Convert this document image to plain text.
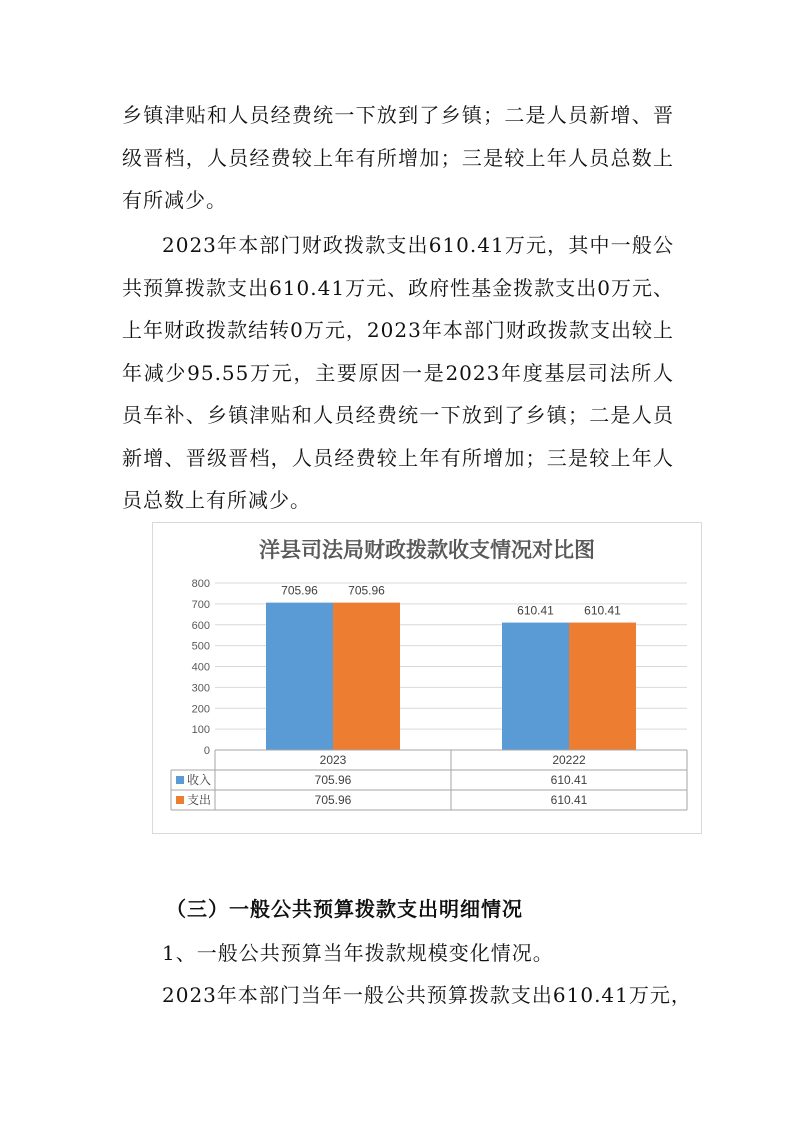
乡镇津贴和人员经费统一下放到了乡镇；二是人员新增、晋级晋档，人员经费较上年有所增加；三是较上年人员总数上有所减少。

2023年本部门财政拨款支出610.41万元，其中一般公共预算拨款支出610.41万元、政府性基金拨款支出0万元、上年财政拨款结转0万元，2023年本部门财政拨款支出较上年减少95.55万元，主要原因一是2023年度基层司法所人员车补、乡镇津贴和人员经费统一下放到了乡镇；二是人员新增、晋级晋档，人员经费较上年有所增加；三是较上年人员总数上有所减少。

洋县司法局财政拨款收支情况对比图
0
100
200
300
400
500
600
700
800	705.96	705.96
610.41	610.41
2023	20222
收入	705.96	610.41
支出	705.96	610.41

（三）一般公共预算拨款支出明细情况

1、一般公共预算当年拨款规模变化情况。

2023年本部门当年一般公共预算拨款支出610.41万元，
